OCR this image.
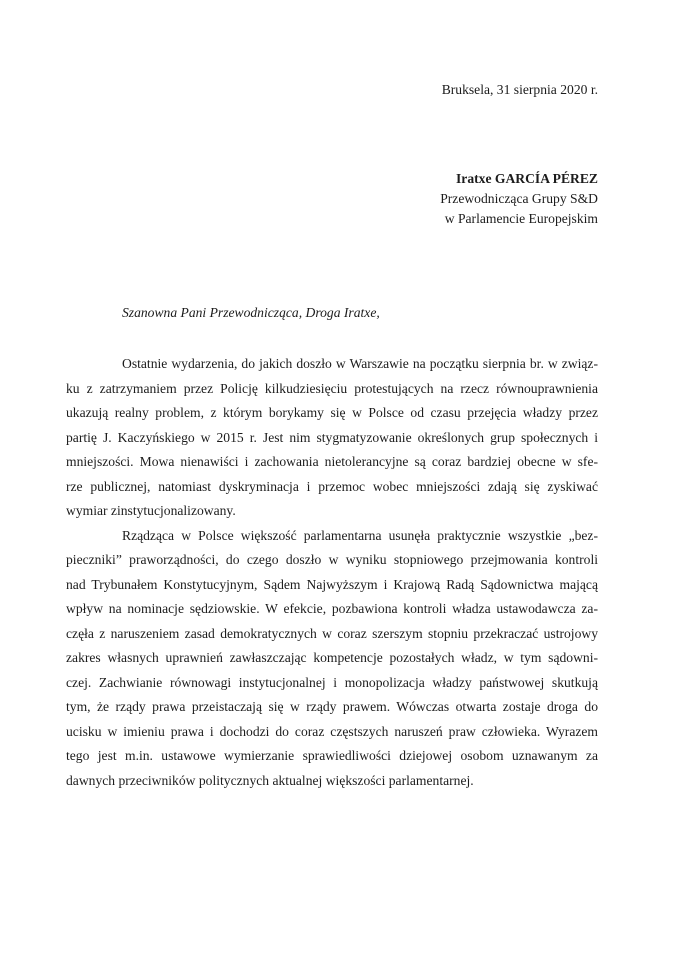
Bruksela, 31 sierpnia 2020 r.
Iratxe GARCÍA PÉREZ
Przewodnicząca Grupy S&D
w Parlamencie Europejskim
Szanowna Pani Przewodnicząca, Droga Iratxe,
Ostatnie wydarzenia, do jakich doszło w Warszawie na początku sierpnia br. w związ-
ku z zatrzymaniem przez Policję kilkudziesięciu protestujących na rzecz równouprawnienia
ukazują realny problem, z którym borykamy się w Polsce od czasu przejęcia władzy przez
partię J. Kaczyńskiego w 2015 r. Jest nim stygmatyzowanie określonych grup społecznych i
mniejszości. Mowa nienawiści i zachowania nietolerancyjne są coraz bardziej obecne w sfe-
rze publicznej, natomiast dyskryminacja i przemoc wobec mniejszości zdają się zyskiwać
wymiar zinstytucjonalizowany.
Rządząca w Polsce większość parlamentarna usunęła praktycznie wszystkie „bez-
pieczniki” praworządności, do czego doszło w wyniku stopniowego przejmowania kontroli
nad Trybunałem Konstytucyjnym, Sądem Najwyższym i Krajową Radą Sądownictwa mającą
wpływ na nominacje sędziowskie. W efekcie, pozbawiona kontroli władza ustawodawcza za-
częła z naruszeniem zasad demokratycznych w coraz szerszym stopniu przekraczać ustrojowy
zakres własnych uprawnień zawłaszczając kompetencje pozostałych władz, w tym sądowni-
czej. Zachwianie równowagi instytucjonalnej i monopolizacja władzy państwowej skutkują
tym, że rządy prawa przeistaczają się w rządy prawem. Wówczas otwarta zostaje droga do
ucisku w imieniu prawa i dochodzi do coraz częstszych naruszeń praw człowieka. Wyrazem
tego jest m.in. ustawowe wymierzanie sprawiedliwości dziejowej osobom uznawanym za
dawnych przeciwników politycznych aktualnej większości parlamentarnej.
